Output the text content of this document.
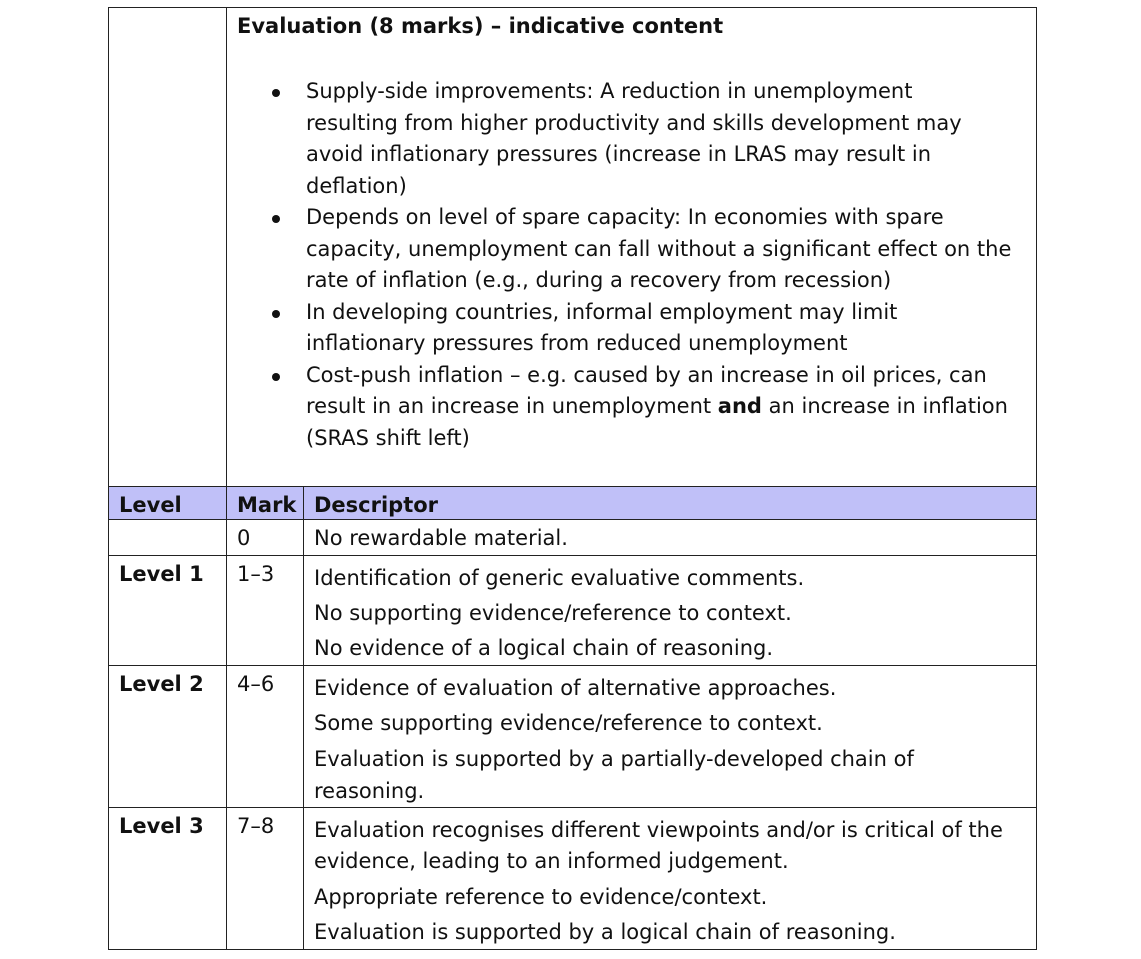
Evaluation (8 marks) – indicative content
Supply-side improvements: A reduction in unemployment
resulting from higher productivity and skills development may
avoid inflationary pressures (increase in LRAS may result in
deflation)
Depends on level of spare capacity: In economies with spare
capacity, unemployment can fall without a significant effect on the
rate of inflation (e.g., during a recovery from recession)
In developing countries, informal employment may limit
inflationary pressures from reduced unemployment
Cost-push inflation – e.g. caused by an increase in oil prices, can
result in an increase in unemployment and an increase in inflation
(SRAS shift left)
Level	Mark Descriptor
0	No rewardable material.
Level 1 1–3 Identification of generic evaluative comments.
No supporting evidence/reference to context.
No evidence of a logical chain of reasoning.
Level 2 4–6 Evidence of evaluation of alternative approaches.
Some supporting evidence/reference to context.
Evaluation is supported by a partially-developed chain of
reasoning.
Level 3 7–8 Evaluation recognises different viewpoints and/or is critical of the
evidence, leading to an informed judgement.
Appropriate reference to evidence/context.
Evaluation is supported by a logical chain of reasoning.
